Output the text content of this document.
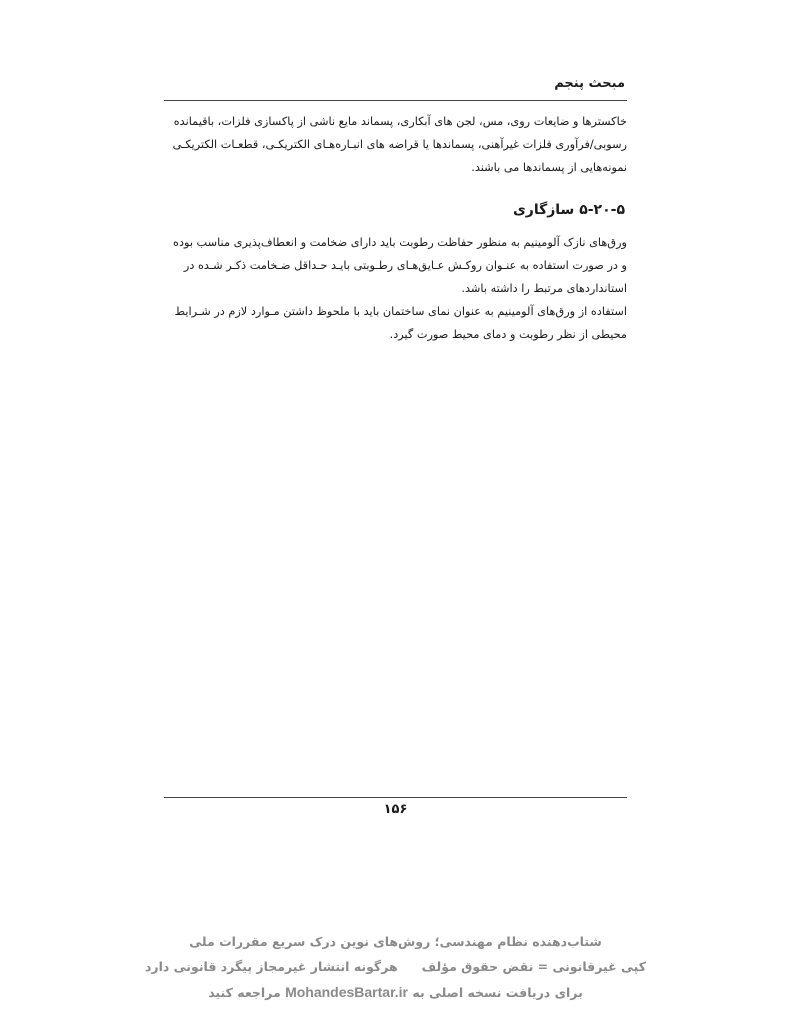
مبحث پنجم

خاکسترها و ضایعات روی، مس، لجن های آبکاری، پسماند مایع ناشی از پاکسازی فلزات، باقیمانده
رسوبی/فرآوری فلزات غیرآهنی، پسماندها یا قراضه های انبـاره‌هـای الکتریکـی، قطعـات الکتریکـی
نمونه‌هایی از پسماندها می باشند.

۵-۲۰-۵ سازگاری

ورق‌های نازک آلومینیم به منظور حفاظت رطوبت باید دارای ضخامت و انعطاف‌پذیری مناسب بوده
و در صورت استفاده به عنـوان روکـش عـایق‌هـای رطـوبتی بایـد حـداقل ضـخامت ذکـر شـده در
استانداردهای مرتبط را داشته باشد.
استفاده از ورق‌های آلومینیم به عنوان نمای ساختمان باید با ملحوظ داشتن مـوارد لازم در شـرایط
محیطی از نظر رطوبت و دمای محیط صورت گیرد.

۱۵۶
شتاب‌دهنده نظام مهندسی؛ روش‌های نوین درک سریع مقررات ملی
کپی غیرقانونی = نقض حقوق مؤلفهرگونه انتشار غیرمجاز پیگرد قانونی دارد
برای دریافت نسخه اصلی به MohandesBartar.ir مراجعه کنید
